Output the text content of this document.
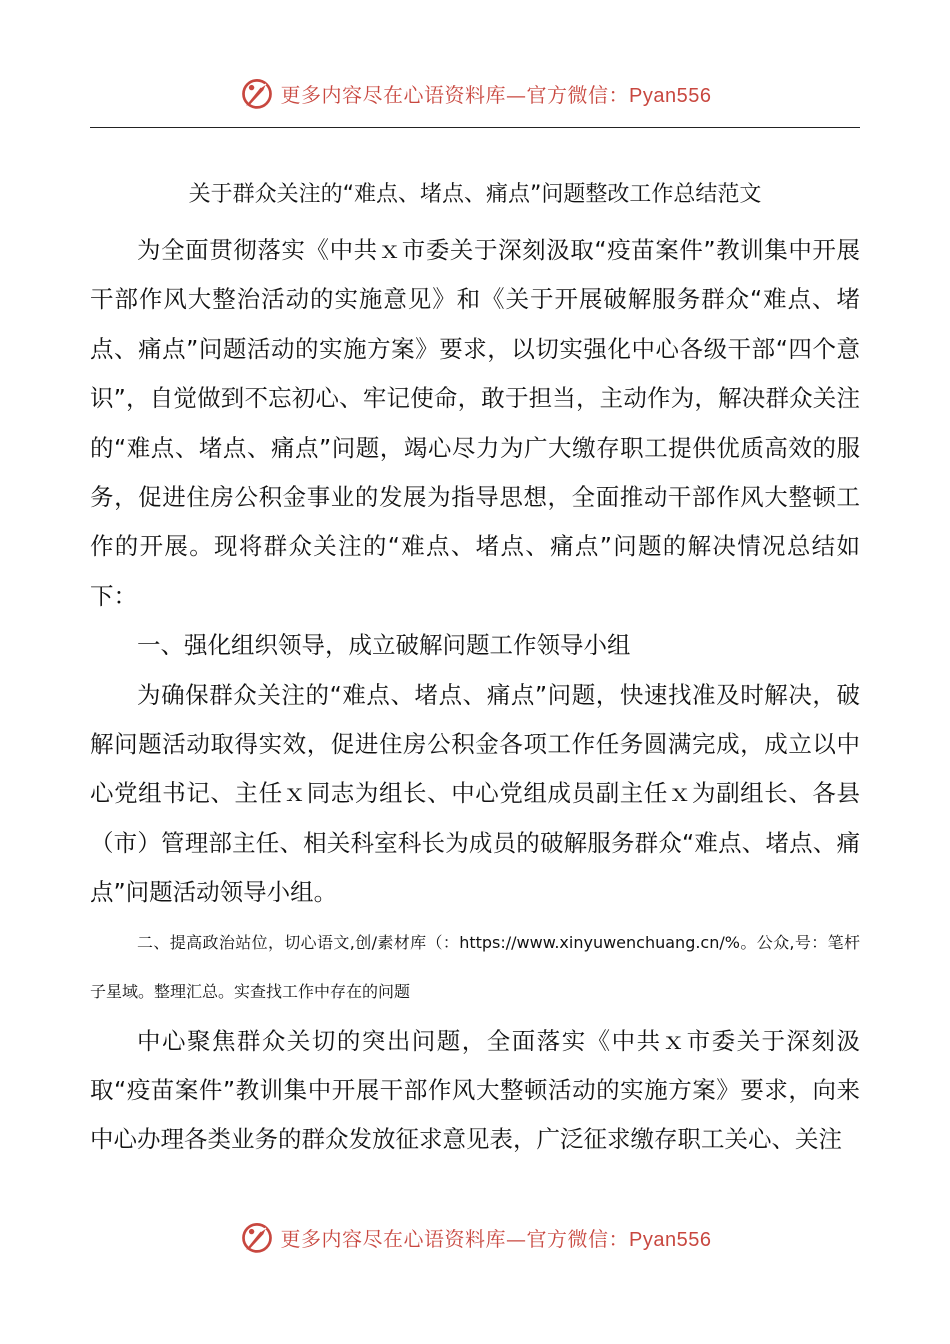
更多内容尽在心语资料库—官方微信：Pyan556
关于群众关注的“难点、堵点、痛点”问题整改工作总结范文

为全面贯彻落实《中共ｘ市委关于深刻汲取“疫苗案件”教训集中开展干部作风大整治活动的实施意见》和《关于开展破解服务群众“难点、堵点、痛点”问题活动的实施方案》要求，以切实强化中心各级干部“四个意识”，自觉做到不忘初心、牢记使命，敢于担当，主动作为，解决群众关注的“难点、堵点、痛点”问题，竭心尽力为广大缴存职工提供优质高效的服务，促进住房公积金事业的发展为指导思想，全面推动干部作风大整顿工作的开展。现将群众关注的“难点、堵点、痛点”问题的解决情况总结如下：

一、强化组织领导，成立破解问题工作领导小组

为确保群众关注的“难点、堵点、痛点”问题，快速找准及时解决，破解问题活动取得实效，促进住房公积金各项工作任务圆满完成，成立以中心党组书记、主任ｘ同志为组长、中心党组成员副主任ｘ为副组长、各县（市）管理部主任、相关科室科长为成员的破解服务群众“难点、堵点、痛点”问题活动领导小组。

二、提高政治站位，切心语文,创/素材库（：https://www.xinyuwenchuang.cn/%。公众,号：笔杆子星域。整理汇总。实查找工作中存在的问题

中心聚焦群众关切的突出问题，全面落实《中共ｘ市委关于深刻汲取“疫苗案件”教训集中开展干部作风大整顿活动的实施方案》要求，向来中心办理各类业务的群众发放征求意见表，广泛征求缴存职工关心、关注

更多内容尽在心语资料库—官方微信：Pyan556
